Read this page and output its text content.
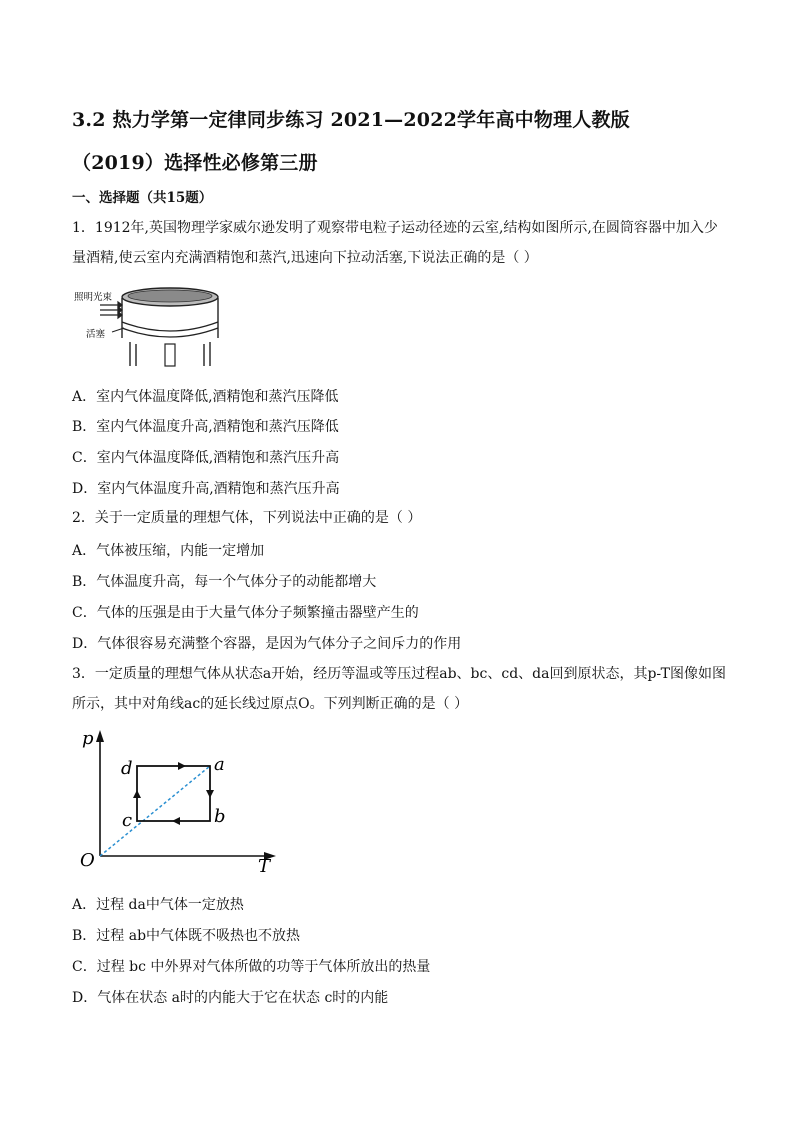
3.2 热力学第一定律同步练习 2021—2022学年高中物理人教版
（2019）选择性必修第三册
一、选择题（共15题）
1．1912年,英国物理学家威尔逊发明了观察带电粒子运动径迹的云室,结构如图所示,在圆筒容器中加入少
量酒精,使云室内充满酒精饱和蒸汽,迅速向下拉动活塞,下说法正确的是（ ）
照明光束
活塞
A．室内气体温度降低,酒精饱和蒸汽压降低
B．室内气体温度升高,酒精饱和蒸汽压降低
C．室内气体温度降低,酒精饱和蒸汽压升高
D．室内气体温度升高,酒精饱和蒸汽压升高
2．关于一定质量的理想气体，下列说法中正确的是（ ）
A．气体被压缩，内能一定增加
B．气体温度升高，每一个气体分子的动能都增大
C．气体的压强是由于大量气体分子频繁撞击器壁产生的
D．气体很容易充满整个容器，是因为气体分子之间斥力的作用
3．一定质量的理想气体从状态a开始，经历等温或等压过程ab、bc、cd、da回到原状态，其p-T图像如图
所示，其中对角线ac的延长线过原点O。下列判断正确的是（ ）
p
T
O
a
b
c
d
A．过程 da中气体一定放热
B．过程 ab中气体既不吸热也不放热
C．过程 bc 中外界对气体所做的功等于气体所放出的热量
D．气体在状态 a时的内能大于它在状态 c时的内能
